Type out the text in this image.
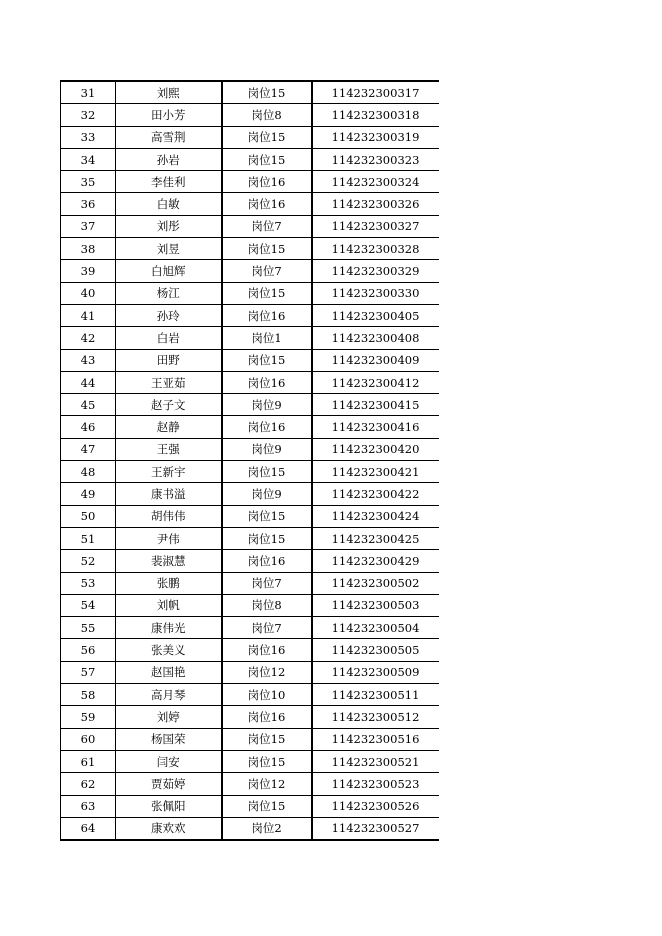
31	刘熙	岗位15	114232300317
32	田小芳	岗位8	114232300318
33	高雪荆	岗位15	114232300319
34	孙岩	岗位15	114232300323
35	李佳利	岗位16	114232300324
36	白敏	岗位16	114232300326
37	刘彤	岗位7	114232300327
38	刘昱	岗位15	114232300328
39	白旭辉	岗位7	114232300329
40	杨江	岗位15	114232300330
41	孙玲	岗位16	114232300405
42	白岩	岗位1	114232300408
43	田野	岗位15	114232300409
44	王亚茹	岗位16	114232300412
45	赵子文	岗位9	114232300415
46	赵静	岗位16	114232300416
47	王强	岗位9	114232300420
48	王新宇	岗位15	114232300421
49	康书溢	岗位9	114232300422
50	胡伟伟	岗位15	114232300424
51	尹伟	岗位15	114232300425
52	裴淑慧	岗位16	114232300429
53	张鹏	岗位7	114232300502
54	刘帆	岗位8	114232300503
55	康伟光	岗位7	114232300504
56	张美义	岗位16	114232300505
57	赵国艳	岗位12	114232300509
58	高月琴	岗位10	114232300511
59	刘婷	岗位16	114232300512
60	杨国荣	岗位15	114232300516
61	闫安	岗位15	114232300521
62	贾茹婷	岗位12	114232300523
63	张佩阳	岗位15	114232300526
64	康欢欢	岗位2	114232300527
